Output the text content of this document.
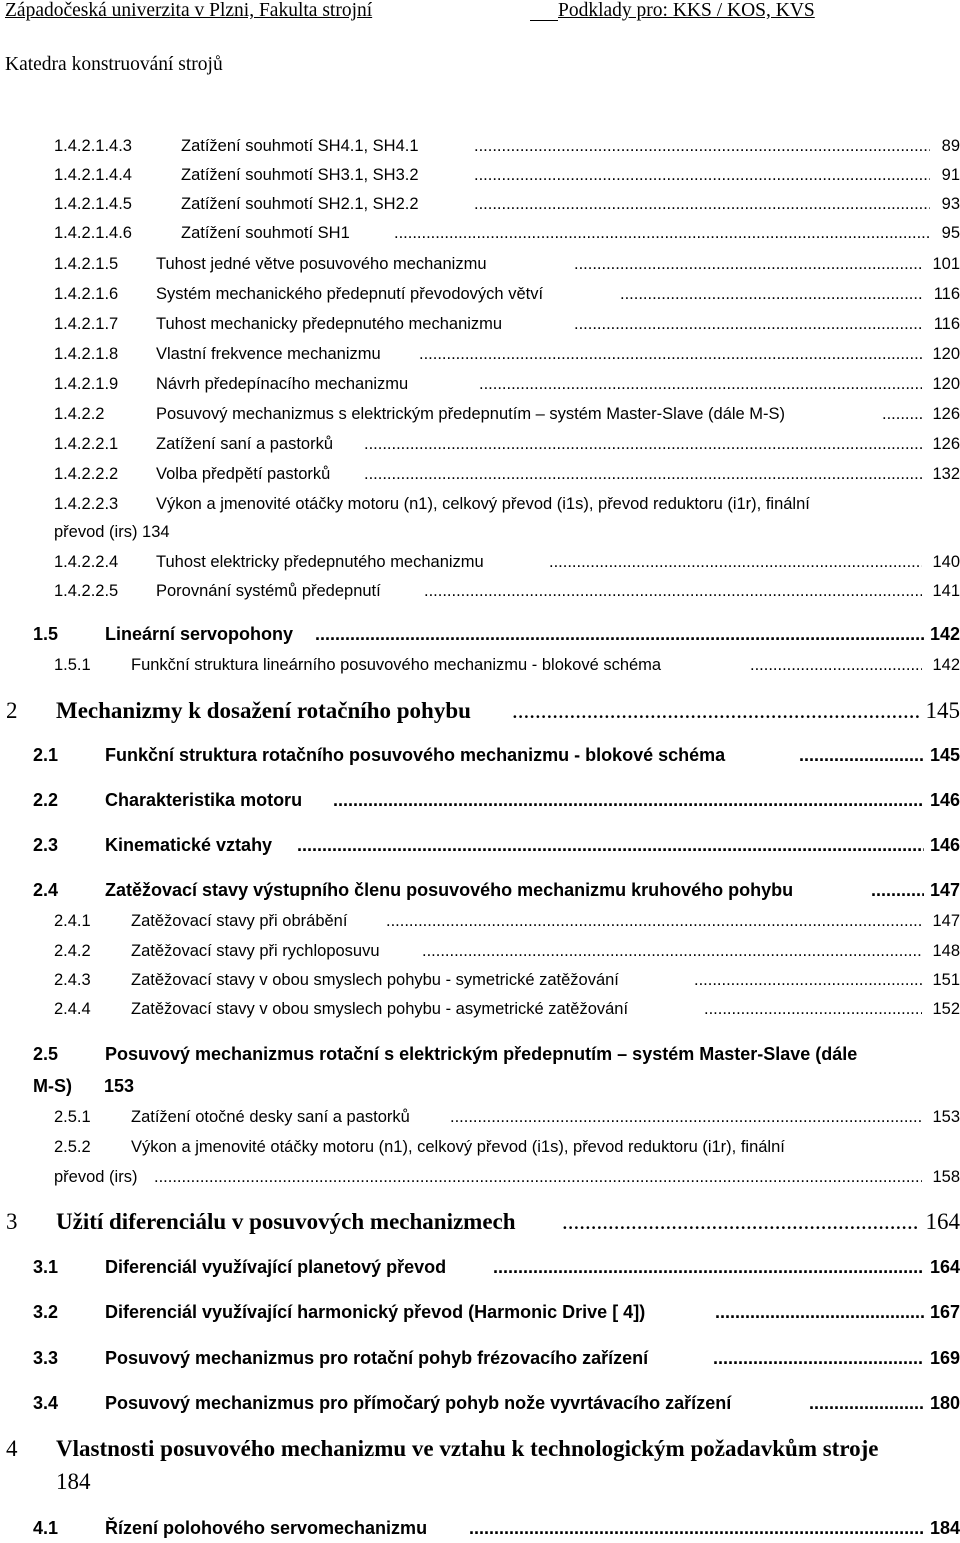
Západočeská univerzita v Plzni, Fakulta strojní	Podklady pro: KKS / KOS, KVS
Katedra konstruování strojů
1.4.2.1.4.3	Zatížení souhmotí SH4.1, SH4.1 .....	89
1.4.2.1.4.4	Zatížení souhmotí SH3.1, SH3.2 .....	91
1.4.2.1.4.5	Zatížení souhmotí SH2.1, SH2.2 .....	93
1.4.2.1.4.6	Zatížení souhmotí SH1 .....	95
1.4.2.1.5 Tuhost jedné větve posuvového mechanizmu .....	101
1.4.2.1.6 Systém mechanického předepnutí převodových větví .....	116
1.4.2.1.7 Tuhost mechanicky předepnutého mechanizmu .....	116
1.4.2.1.8 Vlastní frekvence mechanizmu .....	120
1.4.2.1.9 Návrh předepínacího mechanizmu .....	120
1.4.2.2	Posuvový mechanizmus s elektrickým předepnutím – systém Master-Slave (dále M-S) .....	126
1.4.2.2.1 Zatížení saní a pastorků .....	126
1.4.2.2.2 Volba předpětí pastorků .....	132
1.4.2.2.3 Výkon a jmenovité otáčky motoru (n1), celkový převod (i1s), převod reduktoru (i1r), finální
převod (irs) 134
1.4.2.2.4 Tuhost elektricky předepnutého mechanizmu .....	140
1.4.2.2.5 Porovnání systémů předepnutí .....	141
1.5	Lineární servopohony .....	142
1.5.1 Funkční struktura lineárního posuvového mechanizmu - blokové schéma .....	142
2 Mechanizmy k dosažení rotačního pohybu .....	145
2.1	Funkční struktura rotačního posuvového mechanizmu - blokové schéma .....	145
2.2	Charakteristika motoru .....	146
2.3	Kinematické vztahy .....	146
2.4	Zatěžovací stavy výstupního členu posuvového mechanizmu kruhového pohybu .....	147
2.4.1 Zatěžovací stavy při obrábění .....	147
2.4.2 Zatěžovací stavy při rychloposuvu .....	148
2.4.3 Zatěžovací stavy v obou smyslech pohybu - symetrické zatěžování .....	151
2.4.4 Zatěžovací stavy v obou smyslech pohybu - asymetrické zatěžování .....	152
2.5	Posuvový mechanizmus rotační s elektrickým předepnutím – systém Master-Slave (dále
M-S) 153
2.5.1 Zatížení otočné desky saní a pastorků .....	153
2.5.2 Výkon a jmenovité otáčky motoru (n1), celkový převod (i1s), převod reduktoru (i1r), finální
převod (irs) .....	158
3 Užití diferenciálu v posuvových mechanizmech .....	164
3.1	Diferenciál využívající planetový převod .....	164
3.2	Diferenciál využívající harmonický převod (Harmonic Drive [ 4]) .....	167
3.3	Posuvový mechanizmus pro rotační pohyb frézovacího zařízení .....	169
3.4	Posuvový mechanizmus pro přímočarý pohyb nože vyvrtávacího zařízení .....	180
4 Vlastnosti posuvového mechanizmu ve vztahu k technologickým požadavkům stroje
184
4.1	Řízení polohového servomechanizmu .....	184
